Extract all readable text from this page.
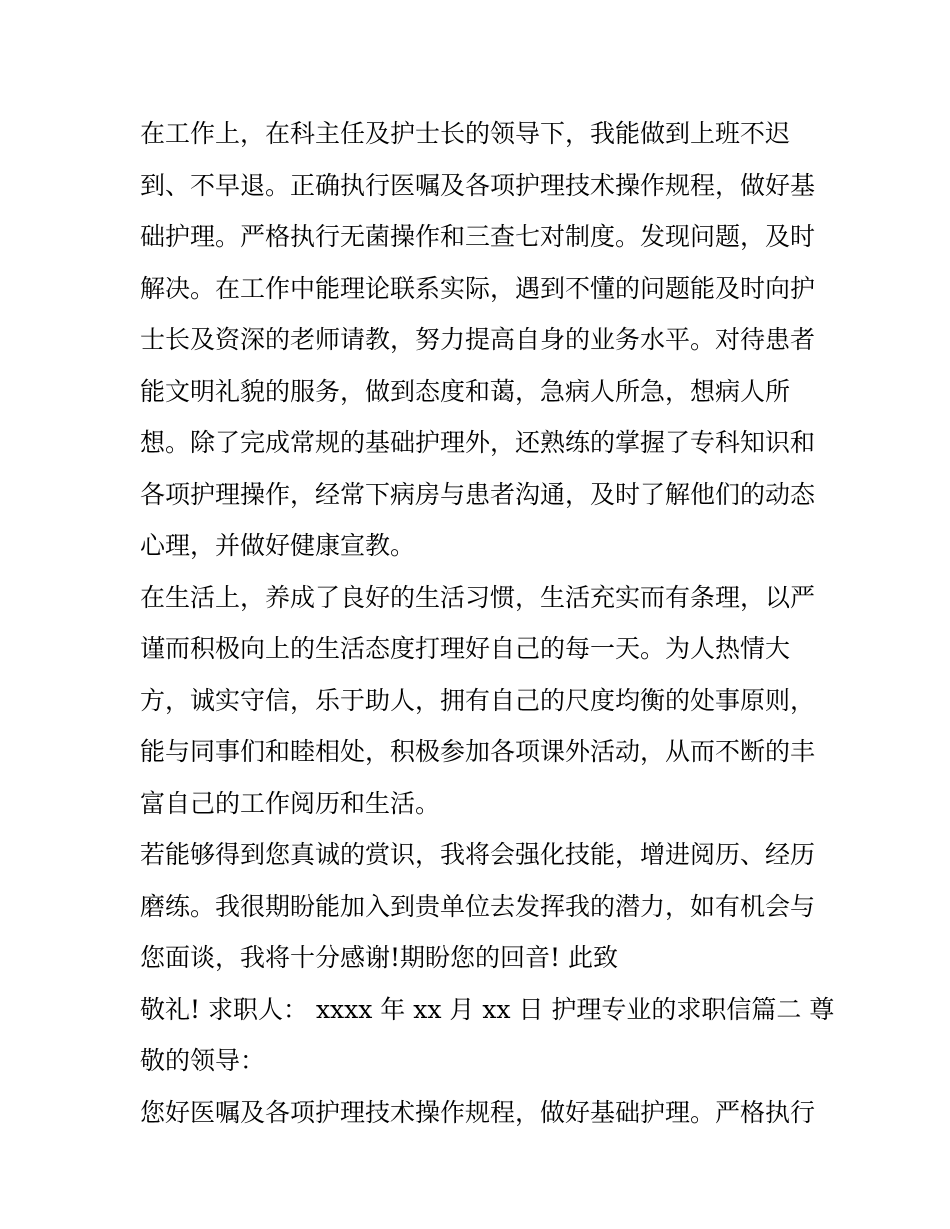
在工作上，在科主任及护士长的领导下，我能做到上班不迟
到、不早退。正确执行医嘱及各项护理技术操作规程，做好基
础护理。严格执行无菌操作和三查七对制度。发现问题，及时
解决。在工作中能理论联系实际，遇到不懂的问题能及时向护
士长及资深的老师请教，努力提高自身的业务水平。对待患者
能文明礼貌的服务，做到态度和蔼，急病人所急，想病人所
想。除了完成常规的基础护理外，还熟练的掌握了专科知识和
各项护理操作，经常下病房与患者沟通，及时了解他们的动态
心理，并做好健康宣教。

在生活上，养成了良好的生活习惯，生活充实而有条理，以严
谨而积极向上的生活态度打理好自己的每一天。为人热情大
方，诚实守信，乐于助人，拥有自己的尺度均衡的处事原则，
能与同事们和睦相处，积极参加各项课外活动，从而不断的丰
富自己的工作阅历和生活。

若能够得到您真诚的赏识，我将会强化技能，增进阅历、经历
磨练。我很期盼能加入到贵单位去发挥我的潜力，如有机会与
您面谈，我将十分感谢!期盼您的回音! 此致

敬礼! 求职人： xxxx 年 xx 月 xx 日 护理专业的求职信篇二 尊
敬的领导：

您好医嘱及各项护理技术操作规程，做好基础护理。严格执行
